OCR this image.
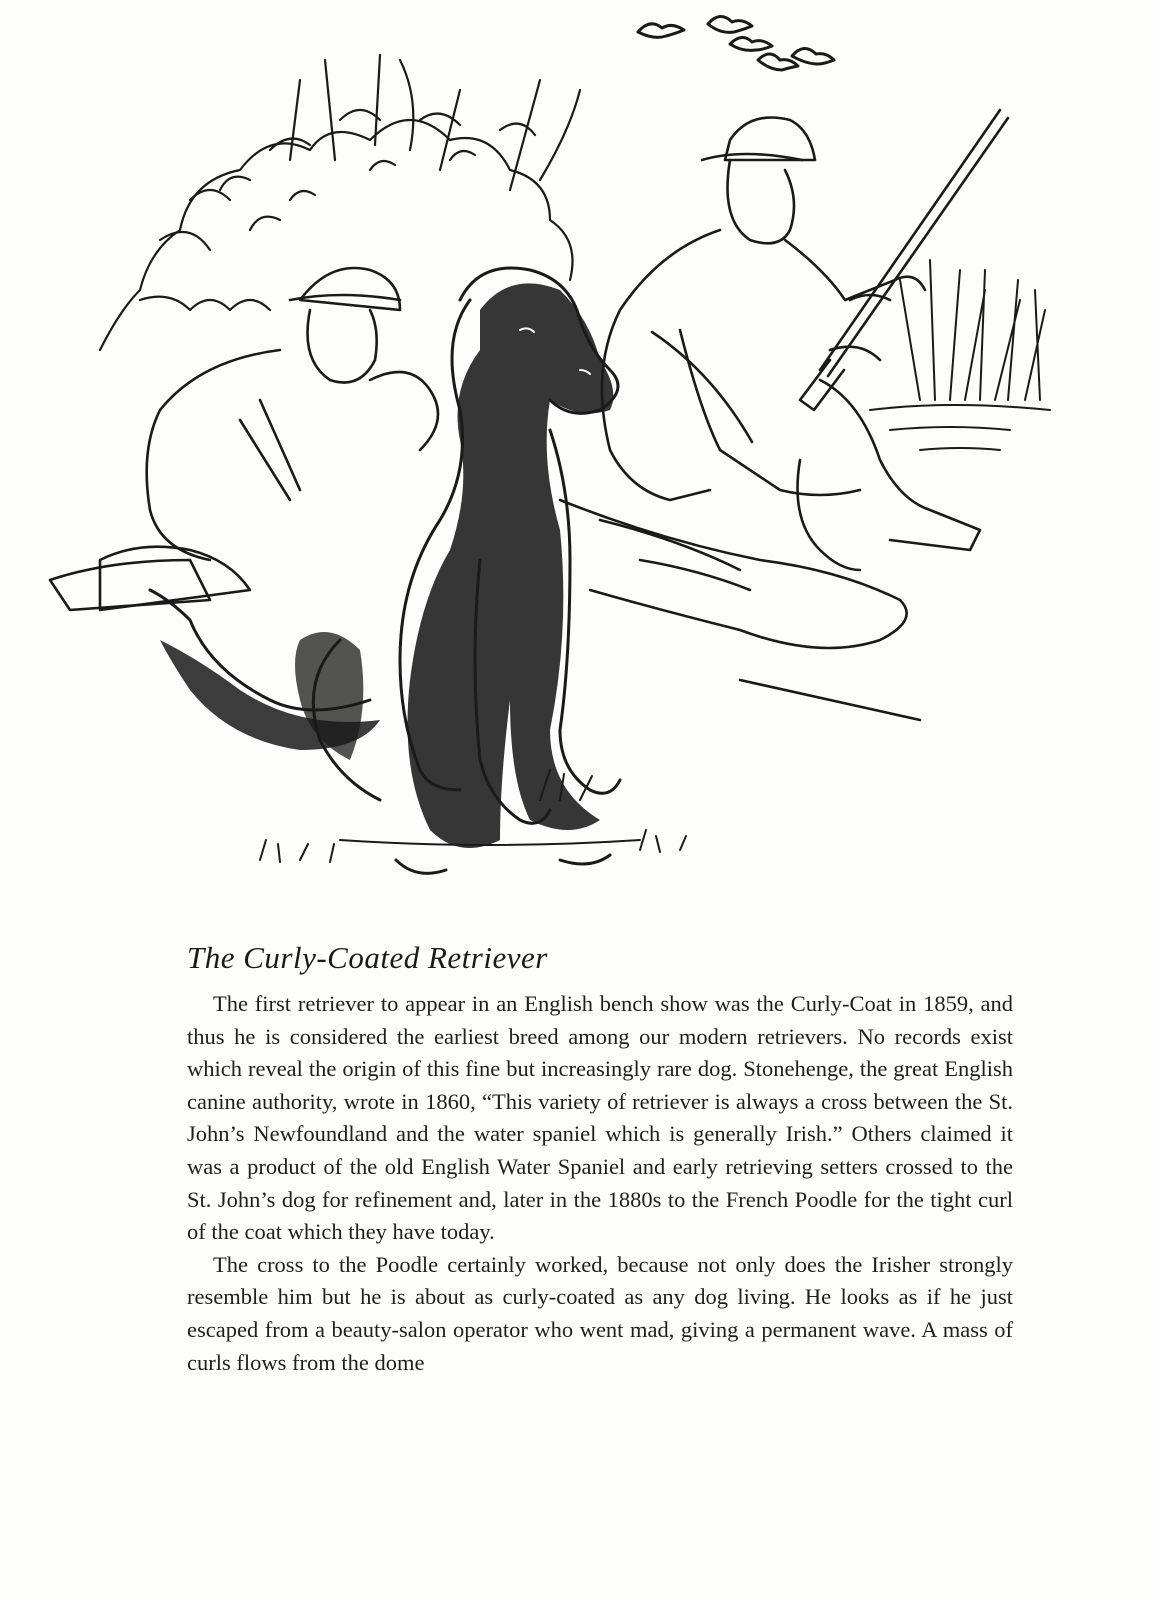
The Curly-Coated Retriever

The first retriever to appear in an English bench show was the Curly-Coat in 1859, and thus he is considered the earliest breed among our modern retrievers. No records exist which reveal the origin of this fine but increasingly rare dog. Stonehenge, the great English canine authority, wrote in 1860, “This variety of retriever is always a cross between the St. John’s Newfoundland and the water spaniel which is generally Irish.” Others claimed it was a product of the old English Water Spaniel and early retrieving setters crossed to the St. John’s dog for refinement and, later in the 1880s to the French Poodle for the tight curl of the coat which they have today.

The cross to the Poodle certainly worked, because not only does the Irisher strongly resemble him but he is about as curly-coated as any dog living. He looks as if he just escaped from a beauty-salon operator who went mad, giving a permanent wave. A mass of curls flows from the dome
